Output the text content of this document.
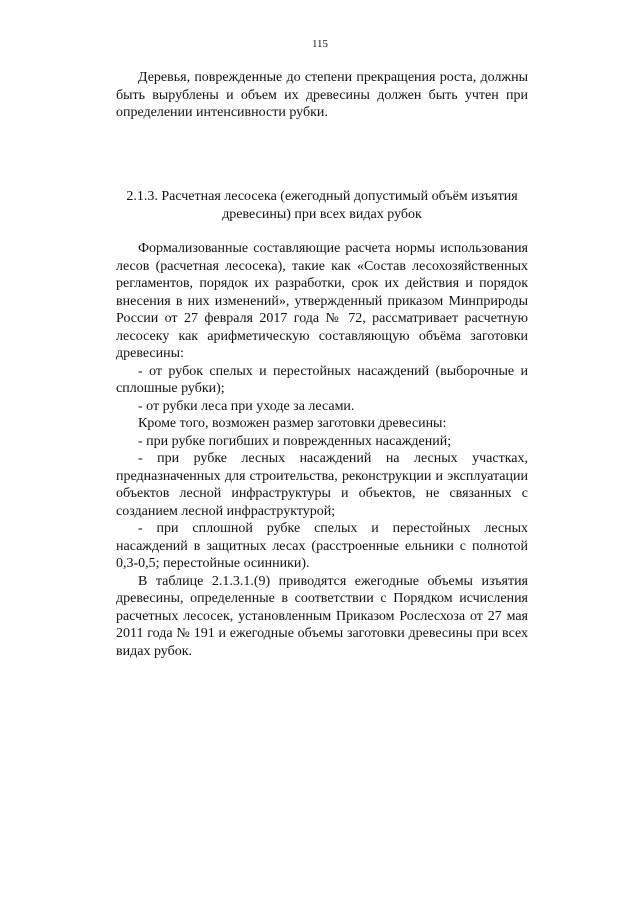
115

Деревья, поврежденные до степени прекращения роста, должны быть вырублены и объем их древесины должен быть учтен при определении интенсивности рубки.

2.1.3. Расчетная лесосека (ежегодный допустимый объём изъятия
древесины) при всех видах рубок

Формализованные составляющие расчета нормы использования лесов (расчетная лесосека), такие как «Состав лесохозяйственных регламентов, порядок их разработки, срок их действия и порядок внесения в них изменений», утвержденный приказом Минприроды России от 27 февраля 2017 года № 72, рассматривает расчетную лесосеку как арифметическую составляющую объёма заготовки древесины:

- от рубок спелых и перестойных насаждений (выборочные и сплошные рубки);

- от рубки леса при уходе за лесами.

Кроме того, возможен размер заготовки древесины:

- при рубке погибших и поврежденных насаждений;

- при рубке лесных насаждений на лесных участках, предназначенных для строительства, реконструкции и эксплуатации объектов лесной инфраструктуры и объектов, не связанных с созданием лесной инфраструктурой;

- при сплошной рубке спелых и перестойных лесных насаждений в защитных лесах (расстроенные ельники с полнотой 0,3-0,5; перестойные осинники).

В таблице 2.1.3.1.(9) приводятся ежегодные объемы изъятия древесины, определенные в соответствии с Порядком исчисления расчетных лесосек, установленным Приказом Рослесхоза от 27 мая 2011 года № 191 и ежегодные объемы заготовки древесины при всех видах рубок.
